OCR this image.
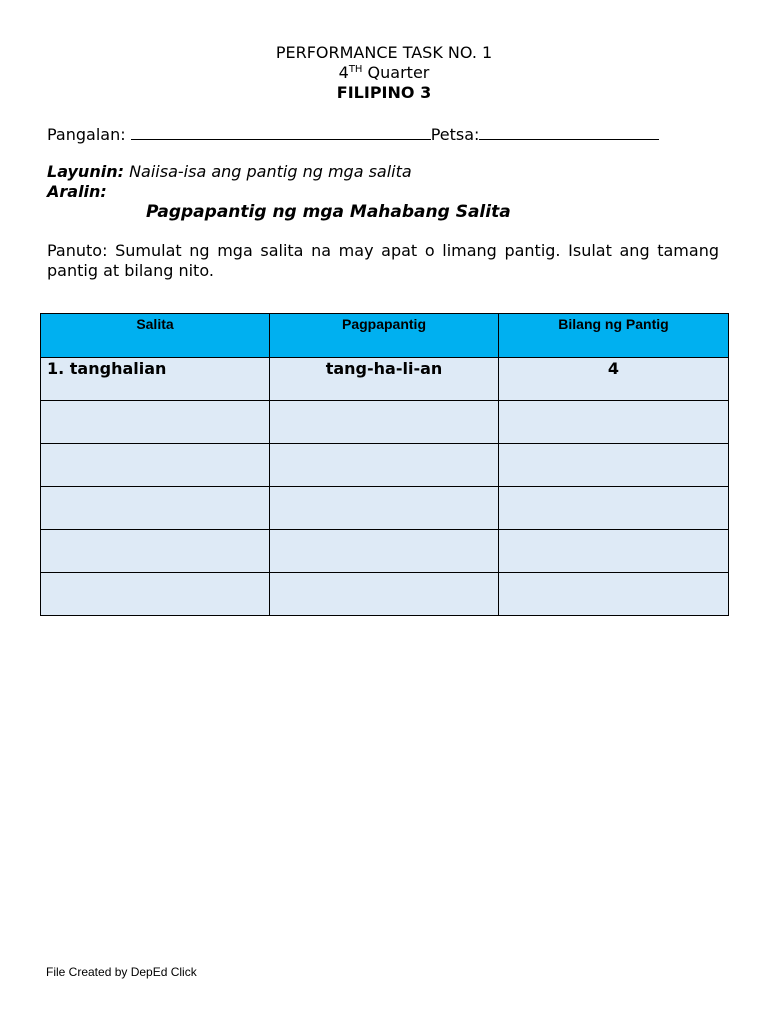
PERFORMANCE TASK NO. 1
4TH Quarter
FILIPINO 3
Pangalan:	Petsa:
Layunin: Naiisa-isa ang pantig ng mga salita
Aralin:
Pagpapantig ng mga Mahabang Salita
Panuto: Sumulat ng mga salita na may apat o limang pantig. Isulat ang tamang pantig at bilang nito.
Salita	Pagpapantig	Bilang ng Pantig
1. tanghalian	tang-ha-li-an	4

File Created by DepEd Click
